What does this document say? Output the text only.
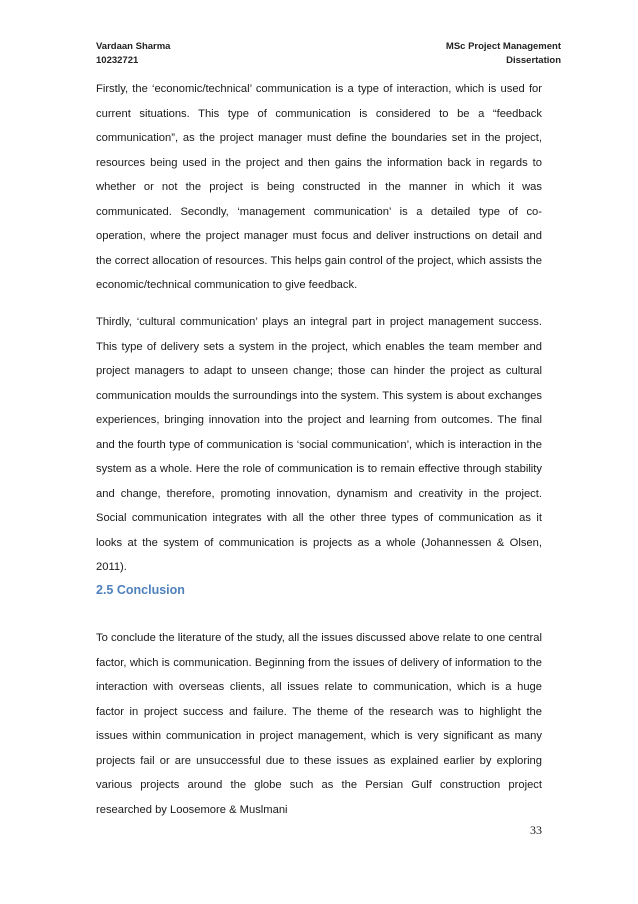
Vardaan Sharma
10232721
MSc Project Management
Dissertation

Firstly, the ‘economic/technical’ communication is a type of interaction, which is used for current situations. This type of communication is considered to be a “feedback communication”, as the project manager must define the boundaries set in the project, resources being used in the project and then gains the information back in regards to whether or not the project is being constructed in the manner in which it was communicated. Secondly, ‘management communication’ is a detailed type of co-operation, where the project manager must focus and deliver instructions on detail and the correct allocation of resources. This helps gain control of the project, which assists the economic/technical communication to give feedback.

Thirdly, ‘cultural communication’ plays an integral part in project management success. This type of delivery sets a system in the project, which enables the team member and project managers to adapt to unseen change; those can hinder the project as cultural communication moulds the surroundings into the system. This system is about exchanges experiences, bringing innovation into the project and learning from outcomes. The final and the fourth type of communication is ‘social communication’, which is interaction in the system as a whole. Here the role of communication is to remain effective through stability and change, therefore, promoting innovation, dynamism and creativity in the project. Social communication integrates with all the other three types of communication as it looks at the system of communication is projects as a whole (Johannessen & Olsen, 2011).

2.5 Conclusion

To conclude the literature of the study, all the issues discussed above relate to one central factor, which is communication. Beginning from the issues of delivery of information to the interaction with overseas clients, all issues relate to communication, which is a huge factor in project success and failure. The theme of the research was to highlight the issues within communication in project management, which is very significant as many projects fail or are unsuccessful due to these issues as explained earlier by exploring various projects around the globe such as the Persian Gulf construction project researched by Loosemore & Muslmani

33
